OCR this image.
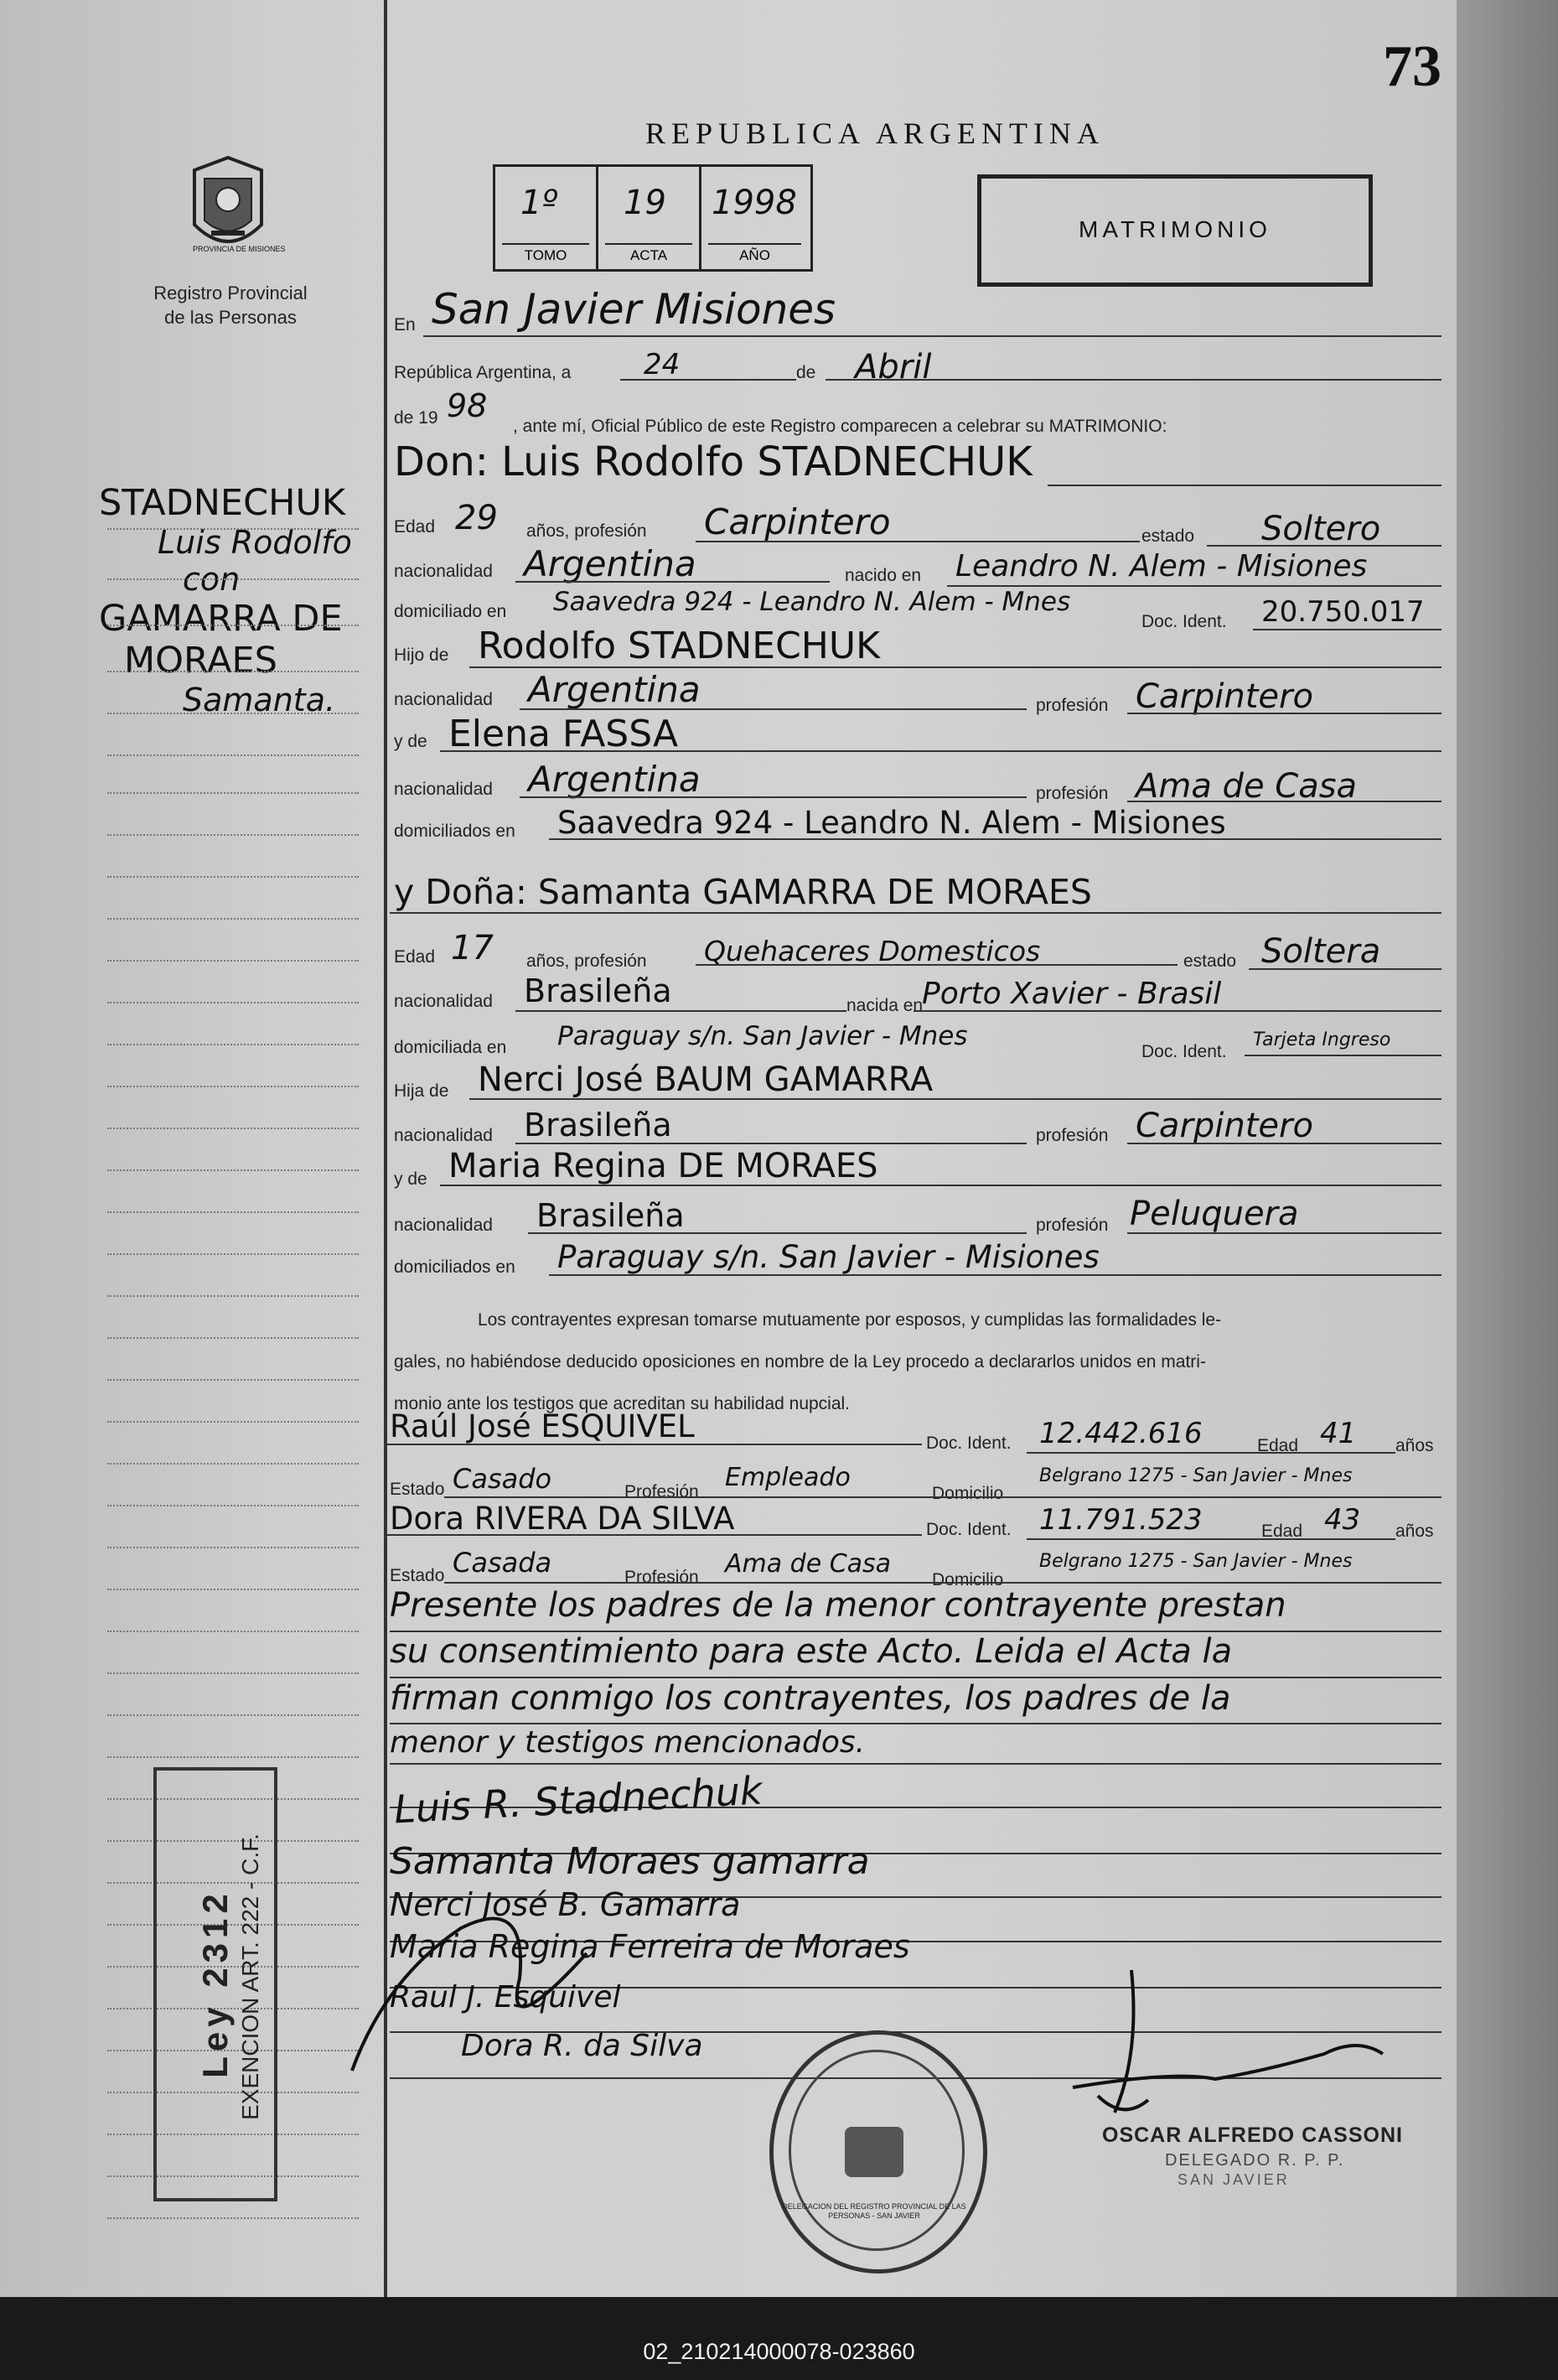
02_210214000078-023860
73
PROVINCIA DE MISIONES
Registro Provincial
de las Personas
REPUBLICA ARGENTINA
1º
TOMO
19
ACTA
1998
AÑO
MATRIMONIO
STADNECHUK
Luis Rodolfo
con
GAMARRA DE
MORAES
Samanta.
Ley 2312 EXENCION ART. 222 - C.F.
En San Javier Misiones
República Argentina, a	24	de Abril
de 19 98
, ante mí, Oficial Público de este Registro comparecen a celebrar su MATRIMONIO:
Don: Luis Rodolfo STADNECHUK
Edad 29 años, profesión Carpintero	estado Soltero
nacionalidad Argentina	nacido en Leandro N. Alem - Misiones
domiciliado en Saavedra 924 - Leandro N. Alem - Mnes
Doc. Ident. 20.750.017
Hijo de Rodolfo STADNECHUK
nacionalidad Argentina	profesión Carpintero
y de Elena FASSA
nacionalidad Argentina	profesión Ama de Casa
domiciliados en Saavedra 924 - Leandro N. Alem - Misiones
y Doña: Samanta GAMARRA DE MORAES
Edad 17 años, profesión Quehaceres Domesticos	estado Soltera
nacionalidad Brasileña	nacida en
Porto Xavier - Brasil
domiciliada en Paraguay s/n. San Javier - Mnes
Doc. Ident.
Tarjeta Ingreso
Hija de Nerci José BAUM GAMARRA
nacionalidad Brasileña	profesión Carpintero
y de Maria Regina DE MORAES
nacionalidad Brasileña	profesión Peluquera
domiciliados en Paraguay s/n. San Javier - Misiones
Los contrayentes expresan tomarse mutuamente por esposos, y cumplidas las formalidades le-
gales, no habiéndose deducido oposiciones en nombre de la Ley procedo a declararlos unidos en matri-
monio ante los testigos que acreditan su habilidad nupcial.
Raúl José ESQUIVEL	Doc. Ident. 12.442.616	Edad 41 años
Estado Casado	Profesión Empleado
Domicilio
Belgrano 1275 - San Javier - Mnes
Dora RIVERA DA SILVA	Doc. Ident. 11.791.523	Edad 43 años
Estado Casada	Profesión Ama de Casa
Domicilio
Belgrano 1275 - San Javier - Mnes
Presente los padres de la menor contrayente prestan
su consentimiento para este Acto. Leida el Acta la
firman conmigo los contrayentes, los padres de la
menor y testigos mencionados.
Luis R. Stadnechuk
Samanta Moraes gamarra
Nerci José B. Gamarra
Maria Regina Ferreira de Moraes
Raul J. Esquivel
Dora R. da Silva
DELEGACION DEL REGISTRO PROVINCIAL DE LAS PERSONAS - SAN JAVIER
OSCAR ALFREDO CASSONI
DELEGADO R. P. P.
SAN JAVIER
